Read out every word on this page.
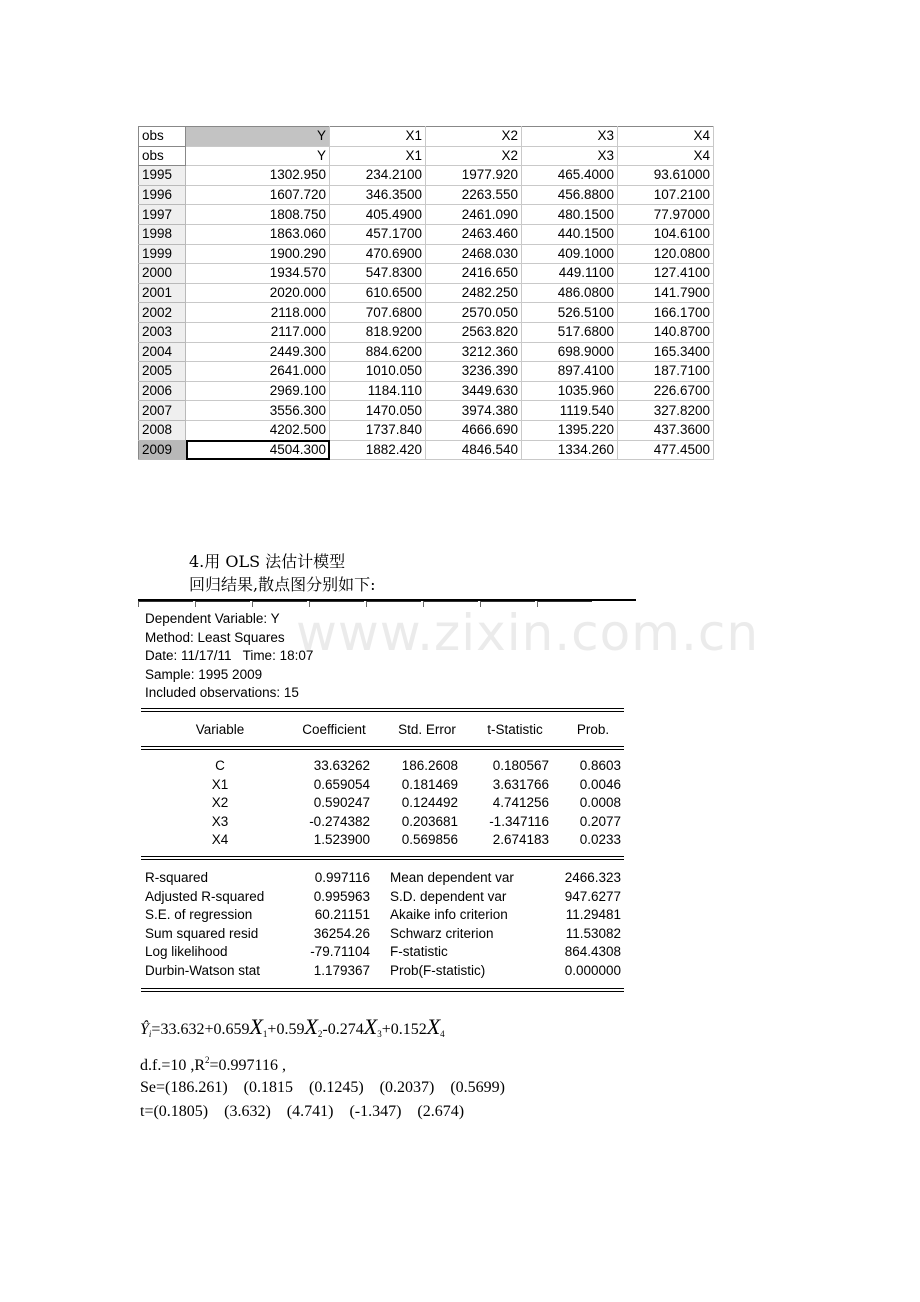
obs	Y	X1	X2	X3	X4
obs	Y	X1	X2	X3	X4
1995	1302.950	234.2100	1977.920	465.4000	93.61000
1996	1607.720	346.3500	2263.550	456.8800	107.2100
1997	1808.750	405.4900	2461.090	480.1500	77.97000
1998	1863.060	457.1700	2463.460	440.1500	104.6100
1999	1900.290	470.6900	2468.030	409.1000	120.0800
2000	1934.570	547.8300	2416.650	449.1100	127.4100
2001	2020.000	610.6500	2482.250	486.0800	141.7900
2002	2118.000	707.6800	2570.050	526.5100	166.1700
2003	2117.000	818.9200	2563.820	517.6800	140.8700
2004	2449.300	884.6200	3212.360	698.9000	165.3400
2005	2641.000	1010.050	3236.390	897.4100	187.7100
2006	2969.100	1184.110	3449.630	1035.960	226.6700
2007	3556.300	1470.050	3974.380	1119.540	327.8200
2008	4202.500	1737.840	4666.690	1395.220	437.3600
2009	4504.300	1882.420	4846.540	1334.260	477.4500
4.用 OLS 法估计模型
回归结果,散点图分别如下:
Dependent Variable: Y
Method: Least Squares
Date: 11/17/11   Time: 18:07
Sample: 1995 2009
Included observations: 15
Variable	Coefficient	Std. Error	t-Statistic	Prob.
C	33.63262	186.2608	0.180567	0.8603
X1	0.659054	0.181469	3.631766	0.0046
X2	0.590247	0.124492	4.741256	0.0008
X3	-0.274382	0.203681	-1.347116	0.2077
X4	1.523900	0.569856	2.674183	0.0233
R-squared	0.997116 Mean dependent var	2466.323
Adjusted R-squared	0.995963 S.D. dependent var	947.6277
S.E. of regression	60.21151 Akaike info criterion	11.29481
Sum squared resid	36254.26 Schwarz criterion	11.53082
Log likelihood	-79.71104 F-statistic	864.4308
Durbin-Watson stat	1.179367 Prob(F-statistic)	0.000000
www.zixin.com.cn
$Ŷ_i=33.632+0.659X_1+0.59X_2-0.274X_3+0.152X_4$
d.f.=10 $,R^2=0.997116$ ,
Se=(186.261)    (0.1815    (0.1245)    (0.2037)    (0.5699)
t=(0.1805)    (3.632)    (4.741)    (-1.347)    (2.674)
